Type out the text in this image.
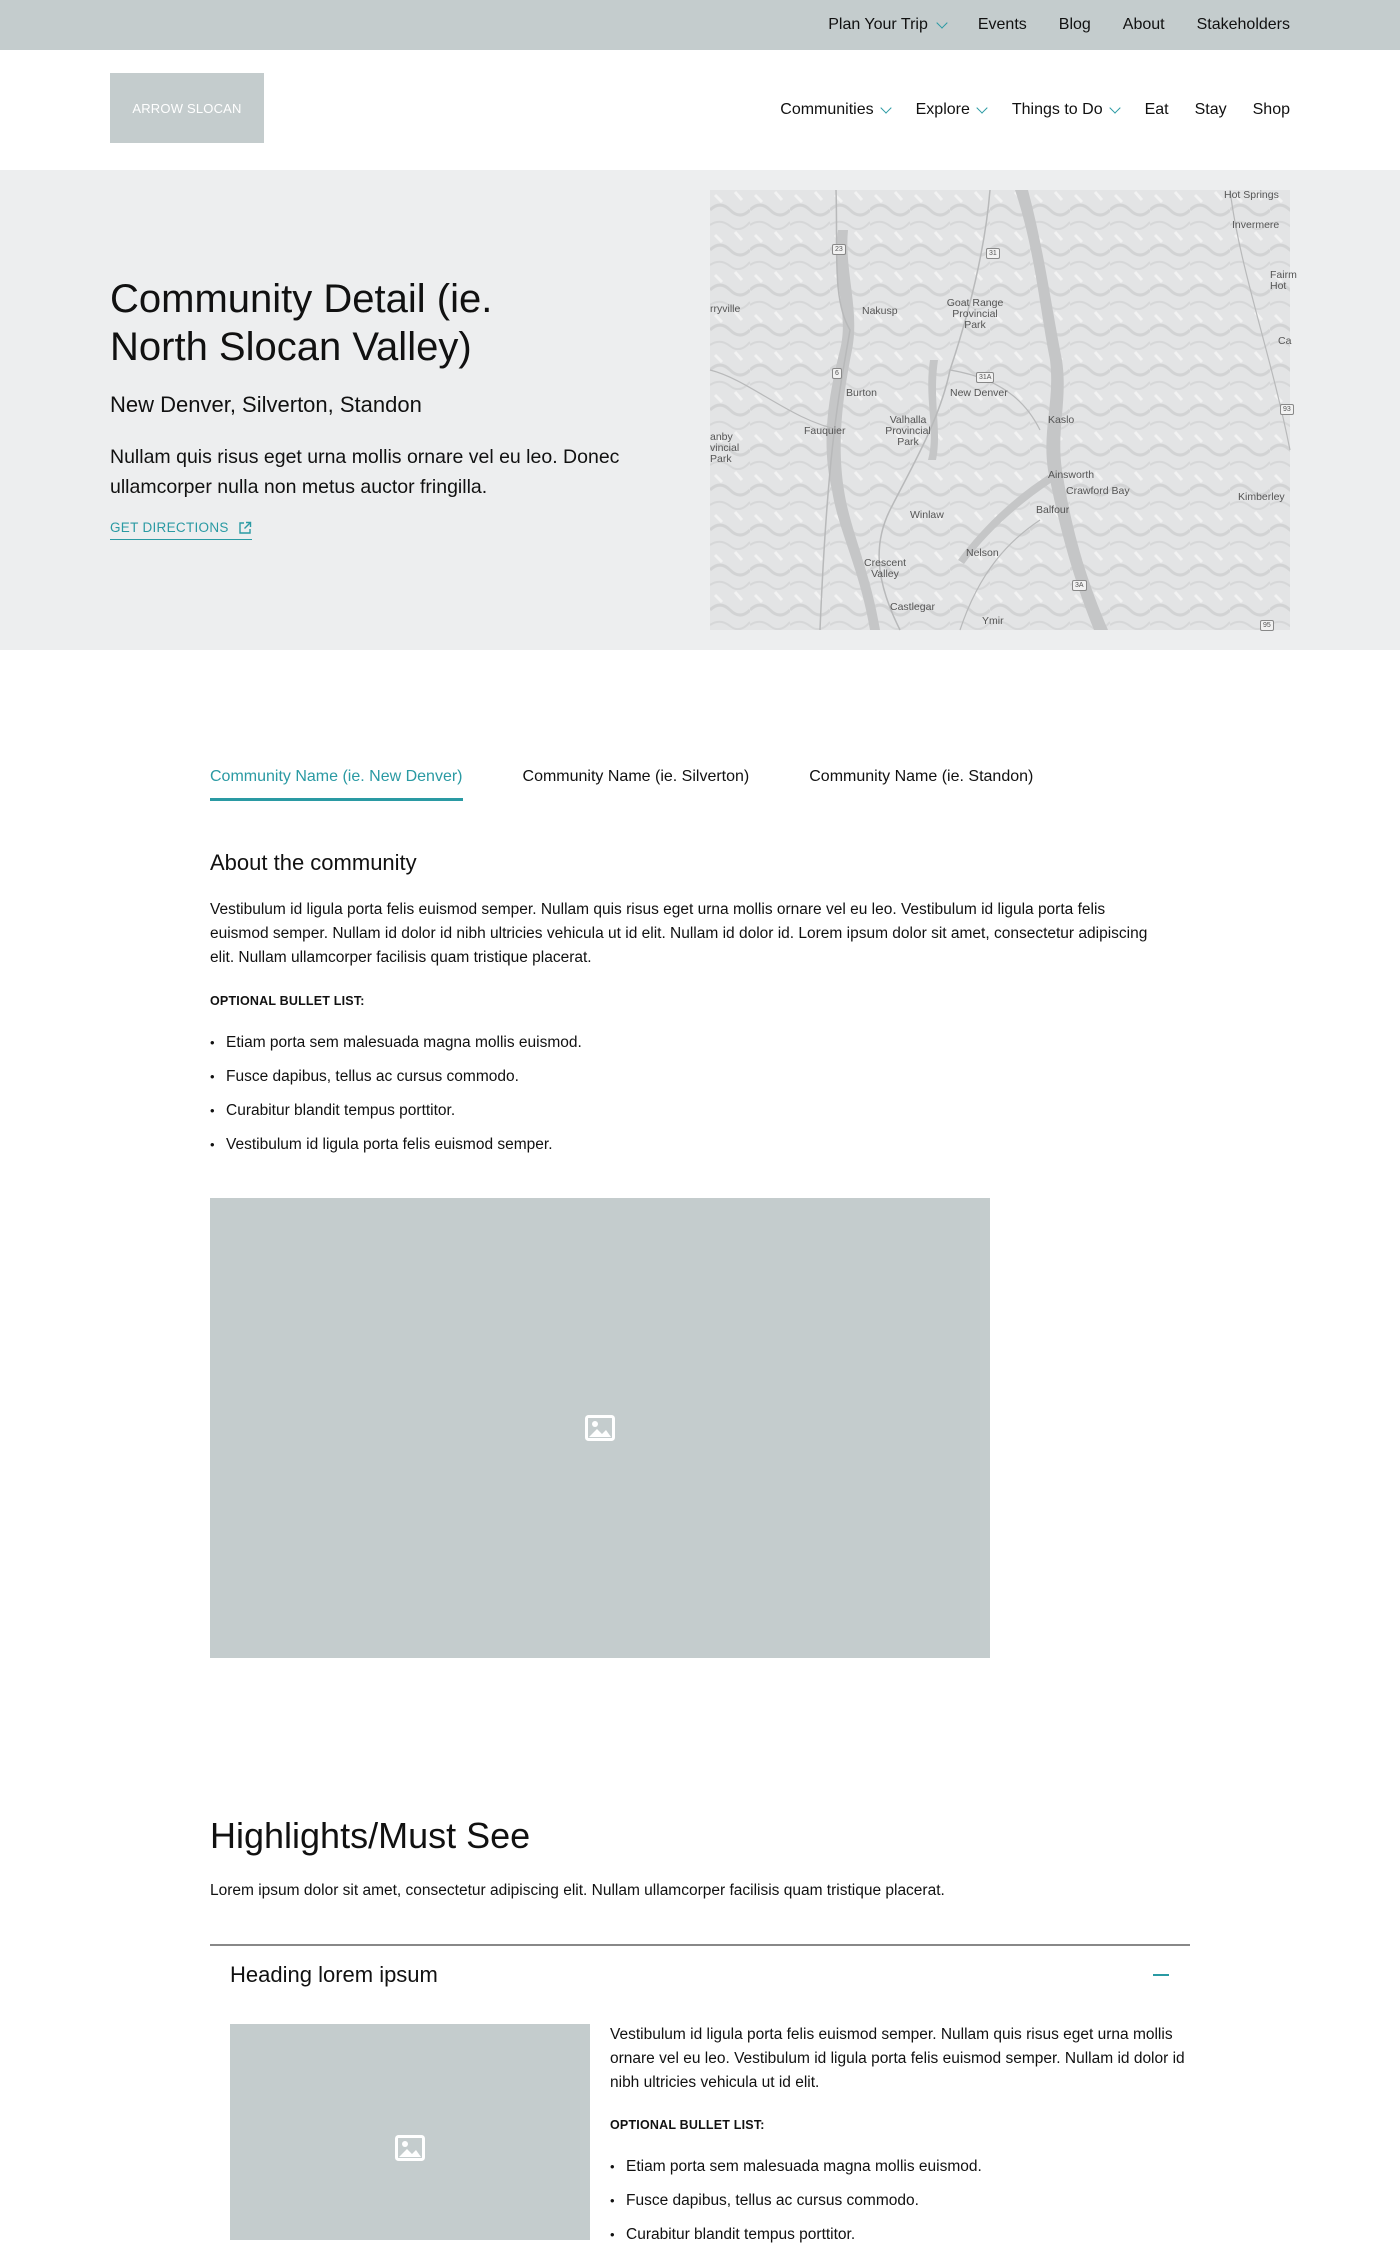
Plan Your Trip	Events Blog About Stakeholders
ARROW SLOCAN	Communities	Explore	Things to Do	Eat Stay Shop
Community Detail (ie. North Slocan Valley)
New Denver, Silverton, Standon

Nullam quis risus eget urna mollis ornare vel eu leo. Donec ullamcorper nulla non metus auctor fringilla.

GET DIRECTIONS
Hot Springs
Invermere
Fairm Hot
rryville	Nakusp
Goat Range Provincial Park
Ca
Burton	New Denver
Kaslo
Valhalla Provincial Park
Fauquier
anby vincial Park
Ainsworth
Crawford Bay	Kimberley
Balfour
Winlaw
Nelson
Crescent Valley
Castlegar
Ymir
23
31
6
31A
93
3A
95
Community Name (ie. New Denver)	Community Name (ie. Silverton)	Community Name (ie. Standon)
About the community

Vestibulum id ligula porta felis euismod semper. Nullam quis risus eget urna mollis ornare vel eu leo. Vestibulum id ligula porta felis euismod semper. Nullam id dolor id nibh ultricies vehicula ut id elit. Nullam id dolor id. Lorem ipsum dolor sit amet, consectetur adipiscing elit. Nullam ullamcorper facilisis quam tristique placerat.

OPTIONAL BULLET LIST:
• Etiam porta sem malesuada magna mollis euismod.
• Fusce dapibus, tellus ac cursus commodo.
• Curabitur blandit tempus porttitor.
• Vestibulum id ligula porta felis euismod semper.
Highlights/Must See

Lorem ipsum dolor sit amet, consectetur adipiscing elit. Nullam ullamcorper facilisis quam tristique placerat.

Heading lorem ipsum

Vestibulum id ligula porta felis euismod semper. Nullam quis risus eget urna mollis ornare vel eu leo. Vestibulum id ligula porta felis euismod semper. Nullam id dolor id nibh ultricies vehicula ut id elit.

OPTIONAL BULLET LIST:
• Etiam porta sem malesuada magna mollis euismod.
• Fusce dapibus, tellus ac cursus commodo.
• Curabitur blandit tempus porttitor.
